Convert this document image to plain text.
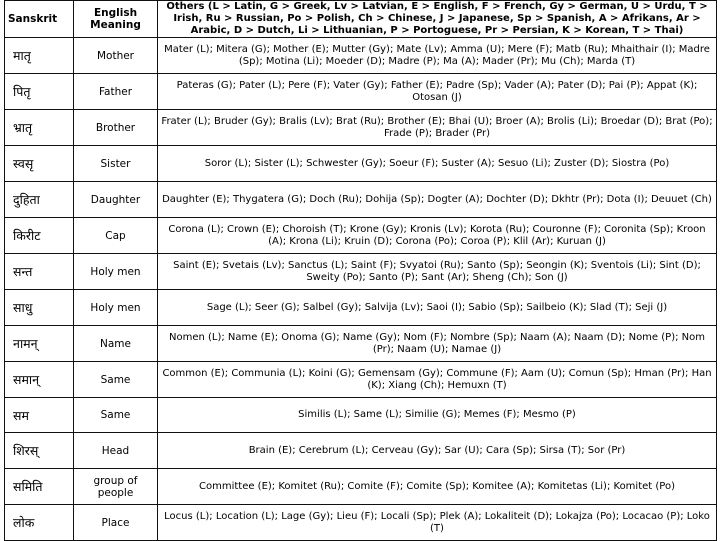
Sanskrit	English Meaning	Others (L > Latin, G > Greek, Lv > Latvian, E > English, F > French, Gy > German, U > Urdu, T > Irish, Ru > Russian, Po > Polish, Ch > Chinese, J > Japanese, Sp > Spanish, A > Afrikans, Ar > Arabic, D > Dutch, Li > Lithuanian, P > Portoguese, Pr > Persian, K > Korean, T > Thai)
मातृ	Mother	Mater (L); Mitera (G); Mother (E); Mutter (Gy); Mate (Lv); Amma (U); Mere (F); Matb (Ru); Mhaithair (I); Madre (Sp); Motina (Li); Moeder (D); Madre (P); Ma (A); Mader (Pr); Mu (Ch); Marda (T)
पितृ	Father	Pateras (G); Pater (L); Pere (F); Vater (Gy); Father (E); Padre (Sp); Vader (A); Pater (D); Pai (P); Appat (K); Otosan (J)
भ्रातृ	Brother	Frater (L); Bruder (Gy); Bralis (Lv); Brat (Ru); Brother (E); Bhai (U); Broer (A); Brolis (Li); Broedar (D); Brat (Po); Frade (P); Brader (Pr)
स्वसृ	Sister	Soror (L); Sister (L); Schwester (Gy); Soeur (F); Suster (A); Sesuo (Li); Zuster (D); Siostra (Po)
दुहिता	Daughter	Daughter (E); Thygatera (G); Doch (Ru); Dohija (Sp); Dogter (A); Dochter (D); Dkhtr (Pr); Dota (I); Deuuet (Ch)
किरीट	Cap	Corona (L); Crown (E); Choroish (T); Krone (Gy); Kronis (Lv); Korota (Ru); Couronne (F); Coronita (Sp); Kroon (A); Krona (Li); Kruin (D); Corona (Po); Coroa (P); Klil (Ar); Kuruan (J)
सन्त	Holy men	Saint (E); Svetais (Lv); Sanctus (L); Saint (F); Svyatoi (Ru); Santo (Sp); Seongin (K); Sventois (Li); Sint (D); Sweity (Po); Santo (P); Sant (Ar); Sheng (Ch); Son (J)
साधु	Holy men	Sage (L); Seer (G); Salbel (Gy); Salvija (Lv); Saoi (I); Sabio (Sp); Sailbeio (K); Slad (T); Seji (J)
नामन्	Name	Nomen (L); Name (E); Onoma (G); Name (Gy); Nom (F); Nombre (Sp); Naam (A); Naam (D); Nome (P); Nom (Pr); Naam (U); Namae (J)
समान्	Same	Common (E); Communia (L); Koini (G); Gemensam (Gy); Commune (F); Aam (U); Comun (Sp); Hman (Pr); Han (K); Xiang (Ch); Hemuxn (T)
सम	Same	Similis (L); Same (L); Similie (G); Memes (F); Mesmo (P)
शिरस्	Head	Brain (E); Cerebrum (L); Cerveau (Gy); Sar (U); Cara (Sp); Sirsa (T); Sor (Pr)
समिति	group of people	Committee (E); Komitet (Ru); Comite (F); Comite (Sp); Komitee (A); Komitetas (Li); Komitet (Po)
लोक	Place	Locus (L); Location (L); Lage (Gy); Lieu (F); Locali (Sp); Plek (A); Lokaliteit (D); Lokajza (Po); Locacao (P); Loko (T)
